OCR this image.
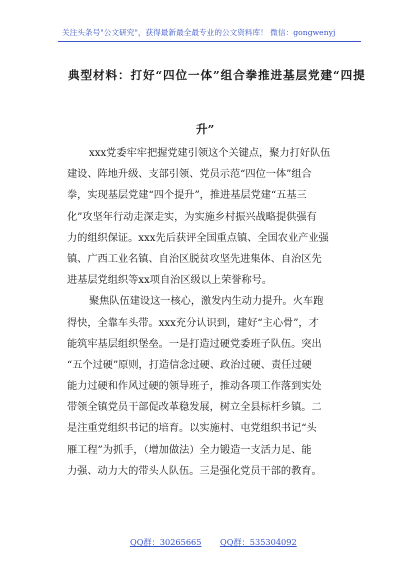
关注头条号"公文研究"，获得最新最全最专业的公文资料库！ 微信：gongwenyj
典型材料：打好“四位一体”组合拳推进基层党建“四提
升”
xxx党委牢牢把握党建引领这个关键点，聚力打好队伍
建设、阵地升级、支部引领、党员示范“四位一体”组合
拳，实现基层党建“四个提升”，推进基层党建“五基三
化”攻坚年行动走深走实，为实施乡村振兴战略提供强有
力的组织保证。xxx先后获评全国重点镇、全国农业产业强
镇、广西工业名镇、自治区脱贫攻坚先进集体、自治区先
进基层党组织等xx项自治区级以上荣誉称号。
聚焦队伍建设这一核心，激发内生动力提升。火车跑
得快，全靠车头带。xxx充分认识到，建好“主心骨”，才
能筑牢基层组织堡垒。一是打造过硬党委班子队伍。突出
“五个过硬”原则，打造信念过硬、政治过硬、责任过硬
能力过硬和作风过硬的领导班子，推动各项工作落到实处
带领全镇党员干部促改革稳发展，树立全县标杆乡镇。二
是注重党组织书记的培育。以实施村、屯党组织书记“头
雁工程”为抓手，（增加做法）全力锻造一支活力足、能
力强、动力大的带头人队伍。三是强化党员干部的教育。
QQ群：30265665 QQ群：535304092
